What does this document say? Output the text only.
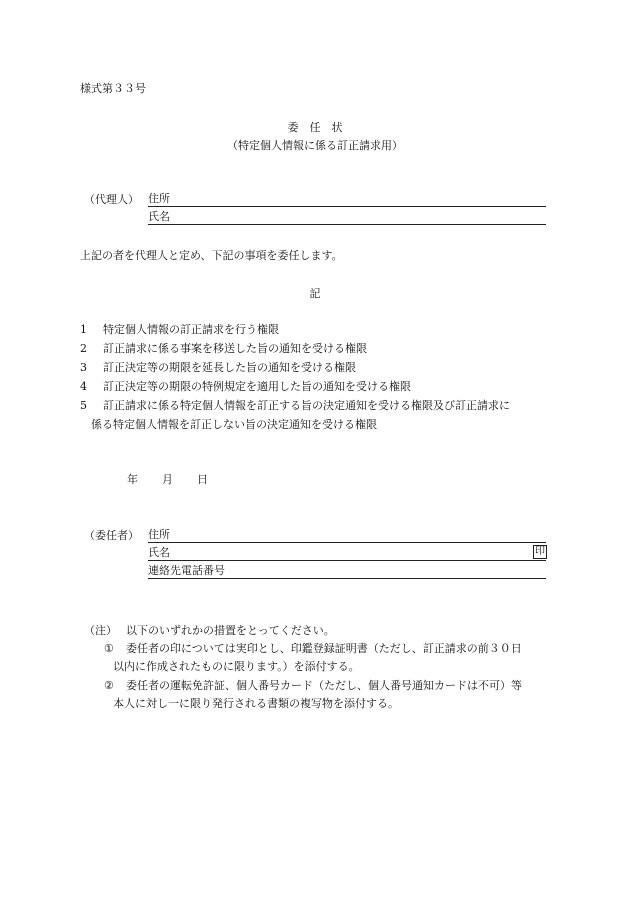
様式第３３号
委　任　状
（特定個人情報に係る訂正請求用）
（代理人） 住所
氏名
上記の者を代理人と定め、下記の事項を委任します。
記
1 特定個人情報の訂正請求を行う権限
2 訂正請求に係る事案を移送した旨の通知を受ける権限
3 訂正決定等の期限を延長した旨の通知を受ける権限
4 訂正決定等の期限の特例規定を適用した旨の通知を受ける権限
5 訂正請求に係る特定個人情報を訂正する旨の決定通知を受ける権限及び訂正請求に
係る特定個人情報を訂正しない旨の決定通知を受ける権限
年 月 日
（委任者） 住所
氏名	印
連絡先電話番号
（注） 以下のいずれかの措置をとってください。
① 委任者の印については実印とし、印鑑登録証明書（ただし、訂正請求の前３０日
以内に作成されたものに限ります。）を添付する。
② 委任者の運転免許証、個人番号カード（ただし、個人番号通知カードは不可）等
本人に対し一に限り発行される書類の複写物を添付する。
